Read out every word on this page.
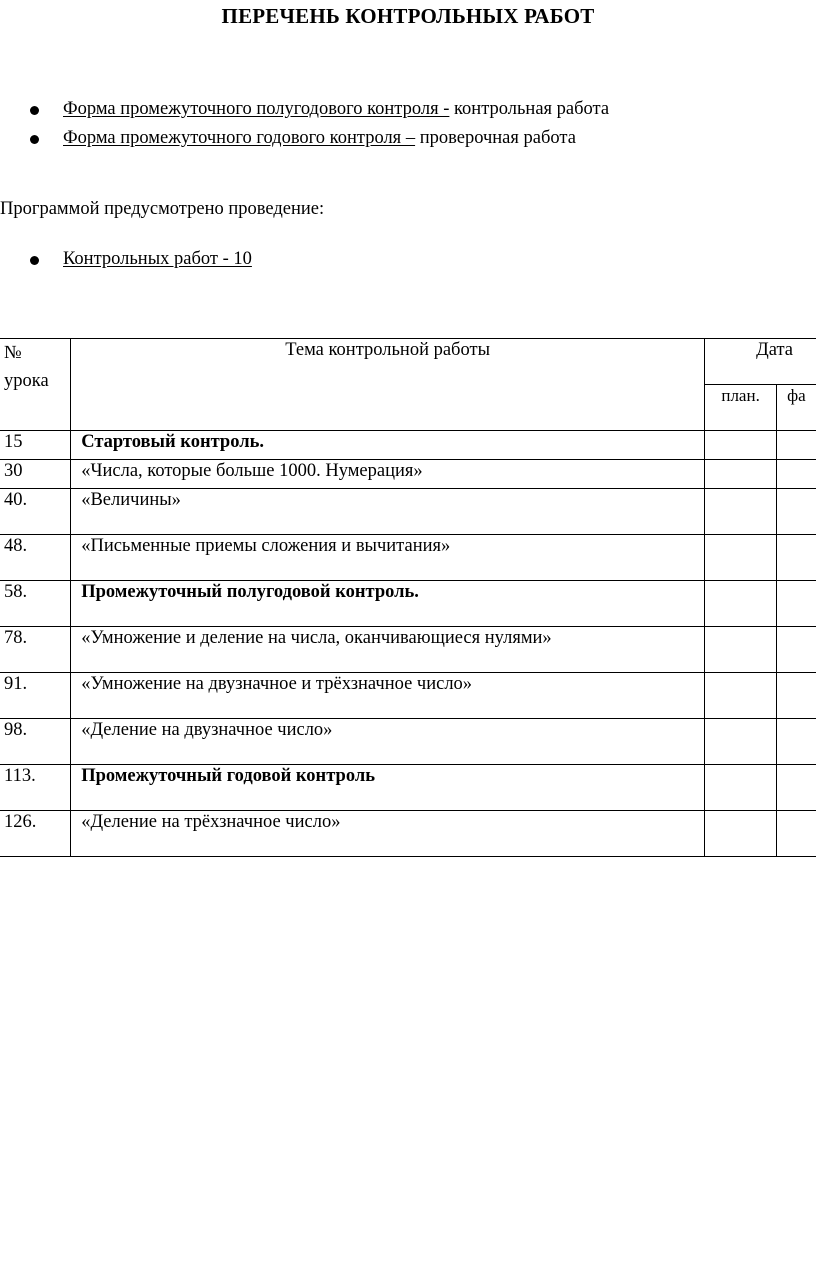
ПЕРЕЧЕНЬ КОНТРОЛЬНЫХ РАБОТ
Форма промежуточного полугодового контроля - контрольная работа
Форма промежуточного годового контроля – проверочная работа
Программой предусмотрено проведение:
Контрольных работ - 10
№
урока	Тема контрольной работы	Дата	
		план.	фа
15	Стартовый контроль.		
30	«Числа, которые больше 1000. Нумерация»		
40.	«Величины»		
48.	«Письменные приемы сложения и вычитания»		
58.	Промежуточный полугодовой контроль.		
78.	«Умножение и деление на числа, оканчивающиеся нулями»		
91.	«Умножение на двузначное и трёхзначное число»		
98.	«Деление на двузначное число»		
113.	Промежуточный годовой контроль		
126.	«Деление на трёхзначное число»		
